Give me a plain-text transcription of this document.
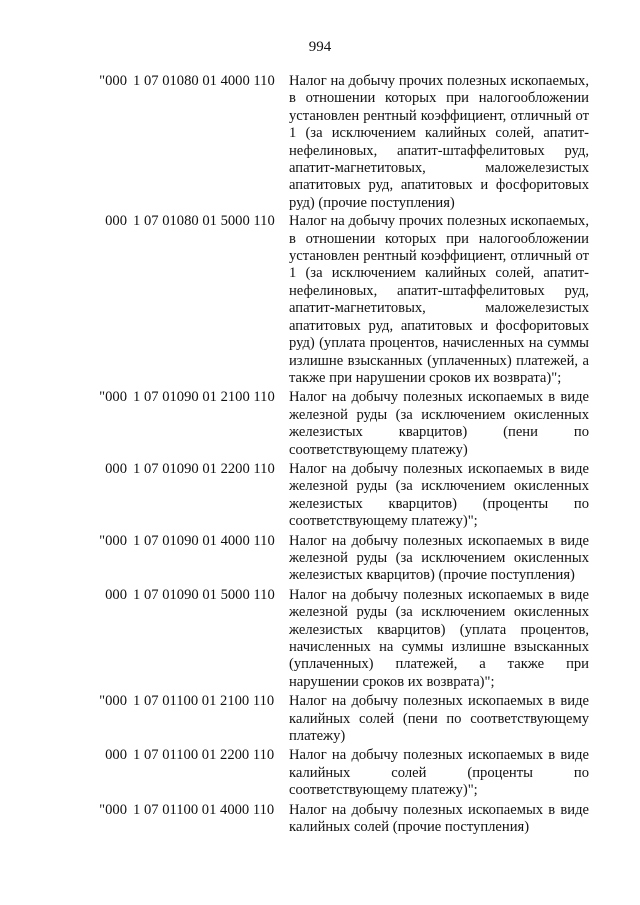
994
"000 1 07 01080 01 4000 110 Налог на добычу прочих полезных ископаемых, в отношении которых при налогообложении установлен рентный коэффициент, отличный от 1 (за исключением калийных солей, апатит-нефелиновых, апатит-штаффелитовых руд, апатит-магнетитовых, маложелезистых апатитовых руд, апатитовых и фосфоритовых руд) (прочие поступления)
000 1 07 01080 01 5000 110 Налог на добычу прочих полезных ископаемых, в отношении которых при налогообложении установлен рентный коэффициент, отличный от 1 (за исключением калийных солей, апатит-нефелиновых, апатит-штаффелитовых руд, апатит-магнетитовых, маложелезистых апатитовых руд, апатитовых и фосфоритовых руд) (уплата процентов, начисленных на суммы излишне взысканных (уплаченных) платежей, а также при нарушении сроков их возврата)";
"000 1 07 01090 01 2100 110 Налог на добычу полезных ископаемых в виде железной руды (за исключением окисленных железистых кварцитов) (пени по соответствующему платежу)
000 1 07 01090 01 2200 110 Налог на добычу полезных ископаемых в виде железной руды (за исключением окисленных железистых кварцитов) (проценты по соответствующему платежу)";
"000 1 07 01090 01 4000 110 Налог на добычу полезных ископаемых в виде железной руды (за исключением окисленных железистых кварцитов) (прочие поступления)
000 1 07 01090 01 5000 110 Налог на добычу полезных ископаемых в виде железной руды (за исключением окисленных железистых кварцитов) (уплата процентов, начисленных на суммы излишне взысканных (уплаченных) платежей, а также при нарушении сроков их возврата)";
"000 1 07 01100 01 2100 110 Налог на добычу полезных ископаемых в виде калийных солей (пени по соответствующему платежу)
000 1 07 01100 01 2200 110 Налог на добычу полезных ископаемых в виде калийных солей (проценты по соответствующему платежу)";
"000 1 07 01100 01 4000 110 Налог на добычу полезных ископаемых в виде калийных солей (прочие поступления)
